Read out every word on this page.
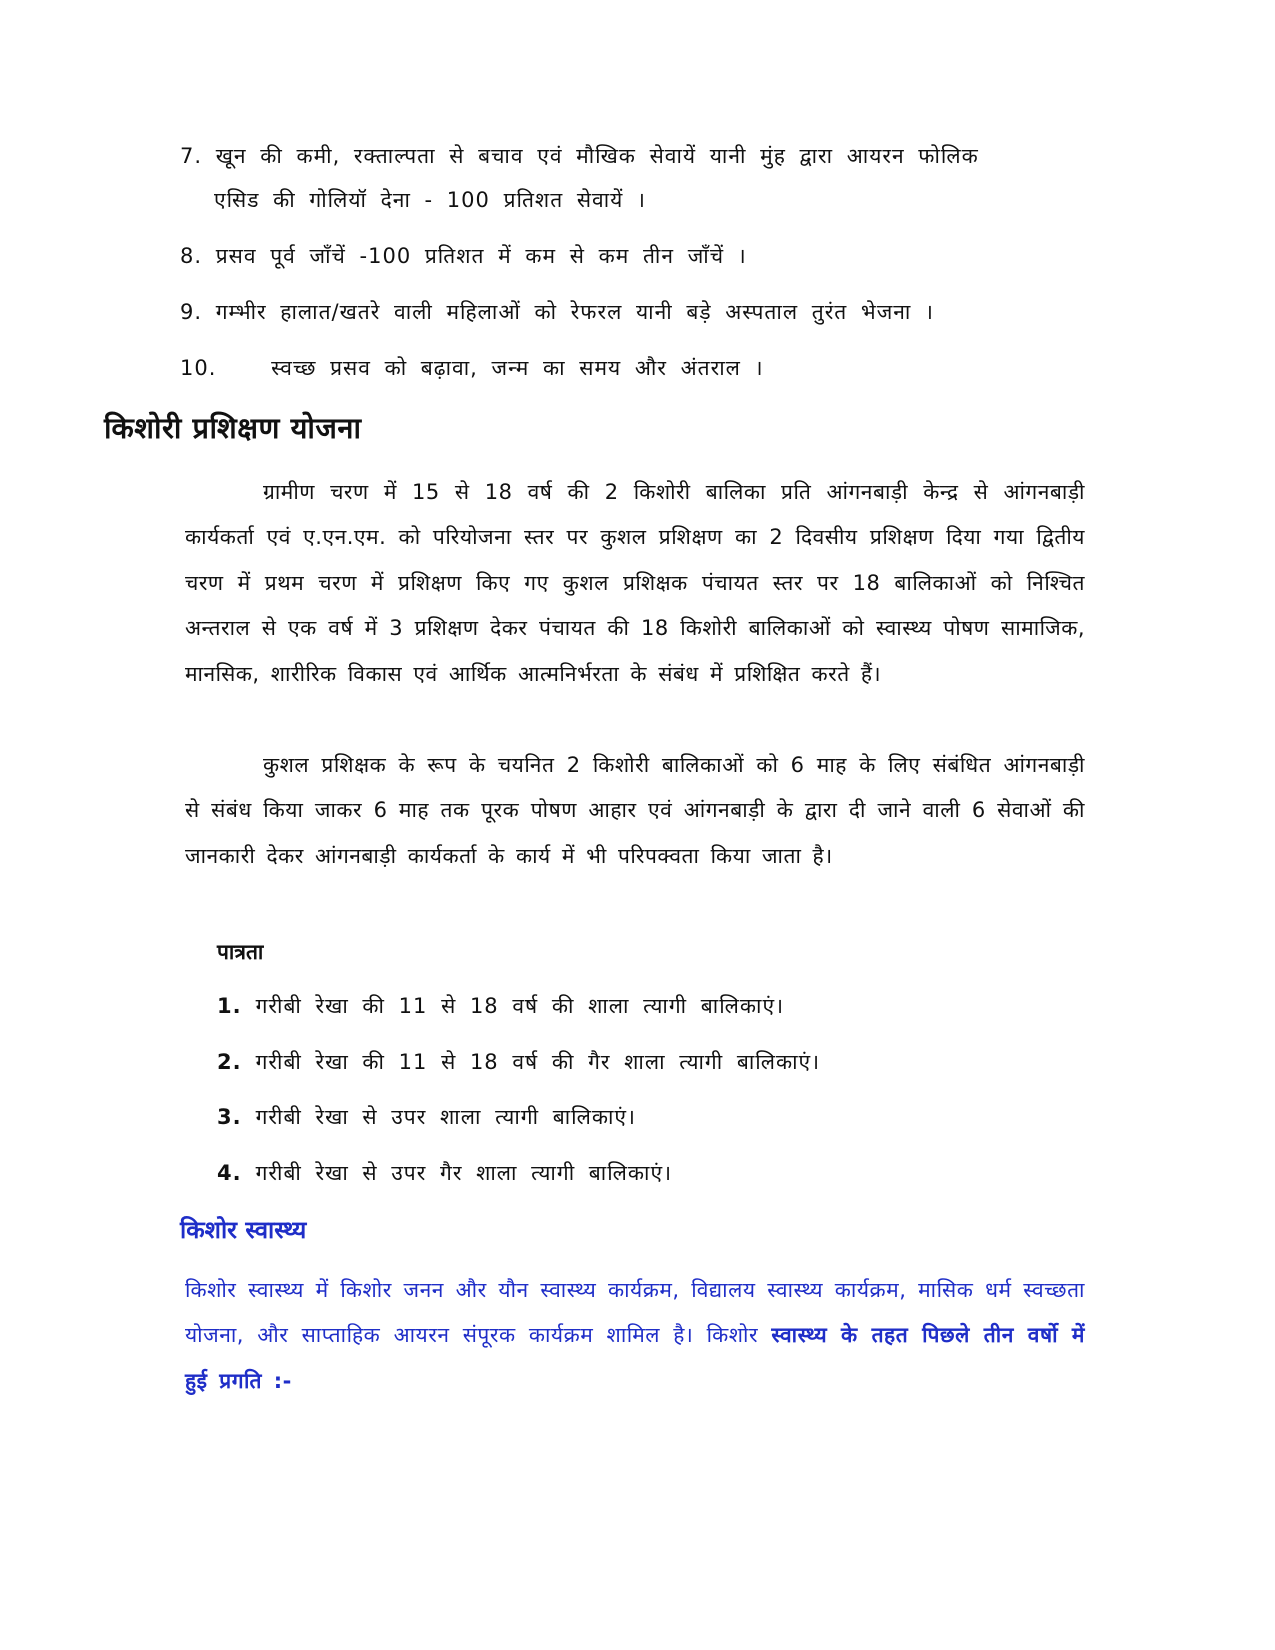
7. खून की कमी, रक्ताल्पता से बचाव एवं मौखिक सेवायें यानी मुंह द्वारा आयरन फोलिक
एसिड की गोलियॉ देना - 100 प्रतिशत सेवायें ।
8. प्रसव पूर्व जॉंचें -100 प्रतिशत में कम से कम तीन जॉंचें ।
9. गम्भीर हालात/खतरे वाली महिलाओं को रेफरल यानी बड़े अस्पताल तुरंत भेजना ।
10.    स्वच्छ प्रसव को बढ़ावा, जन्म का समय और अंतराल ।
किशोरी प्रशिक्षण योजना
ग्रामीण चरण में 15 से 18 वर्ष की 2 किशोरी बालिका प्रति आंगनबाड़ी केन्द्र से आंगनबाड़ी कार्यकर्ता एवं ए.एन.एम. को परियोजना स्तर पर कुशल प्रशिक्षण का 2 दिवसीय प्रशिक्षण दिया गया द्वितीय चरण में प्रथम चरण में प्रशिक्षण किए गए कुशल प्रशिक्षक पंचायत स्तर पर 18 बालिकाओं को निश्चित अन्तराल से एक वर्ष में 3 प्रशिक्षण देकर पंचायत की 18 किशोरी बालिकाओं को स्वास्थ्य पोषण सामाजिक, मानसिक, शारीरिक विकास एवं आर्थिक आत्मनिर्भरता के संबंध में प्रशिक्षित करते हैं।
कुशल प्रशिक्षक के रूप के चयनित 2 किशोरी बालिकाओं को 6 माह के लिए संबंधित आंगनबाड़ी से संबंध किया जाकर 6 माह तक पूरक पोषण आहार एवं आंगनबाड़ी के द्वारा दी जाने वाली 6 सेवाओं की जानकारी देकर आंगनबाड़ी कार्यकर्ता के कार्य में भी परिपक्वता किया जाता है।
पात्रता
1. गरीबी रेखा की 11 से 18 वर्ष की शाला त्यागी बालिकाएं।
2. गरीबी रेखा की 11 से 18 वर्ष की गैर शाला त्यागी बालिकाएं।
3. गरीबी रेखा से उपर शाला त्यागी बालिकाएं।
4. गरीबी रेखा से उपर गैर शाला त्यागी बालिकाएं।
किशोर स्वास्थ्य
किशोर स्वास्थ्य में किशोर जनन और यौन स्वास्थ्य कार्यक्रम, विद्यालय स्वास्थ्य कार्यक्रम, मासिक धर्म स्वच्छता योजना, और साप्ताहिक आयरन संपूरक कार्यक्रम शामिल है। किशोर स्वास्थ्य के तहत पिछले तीन वर्षो में हुई प्रगति :-
